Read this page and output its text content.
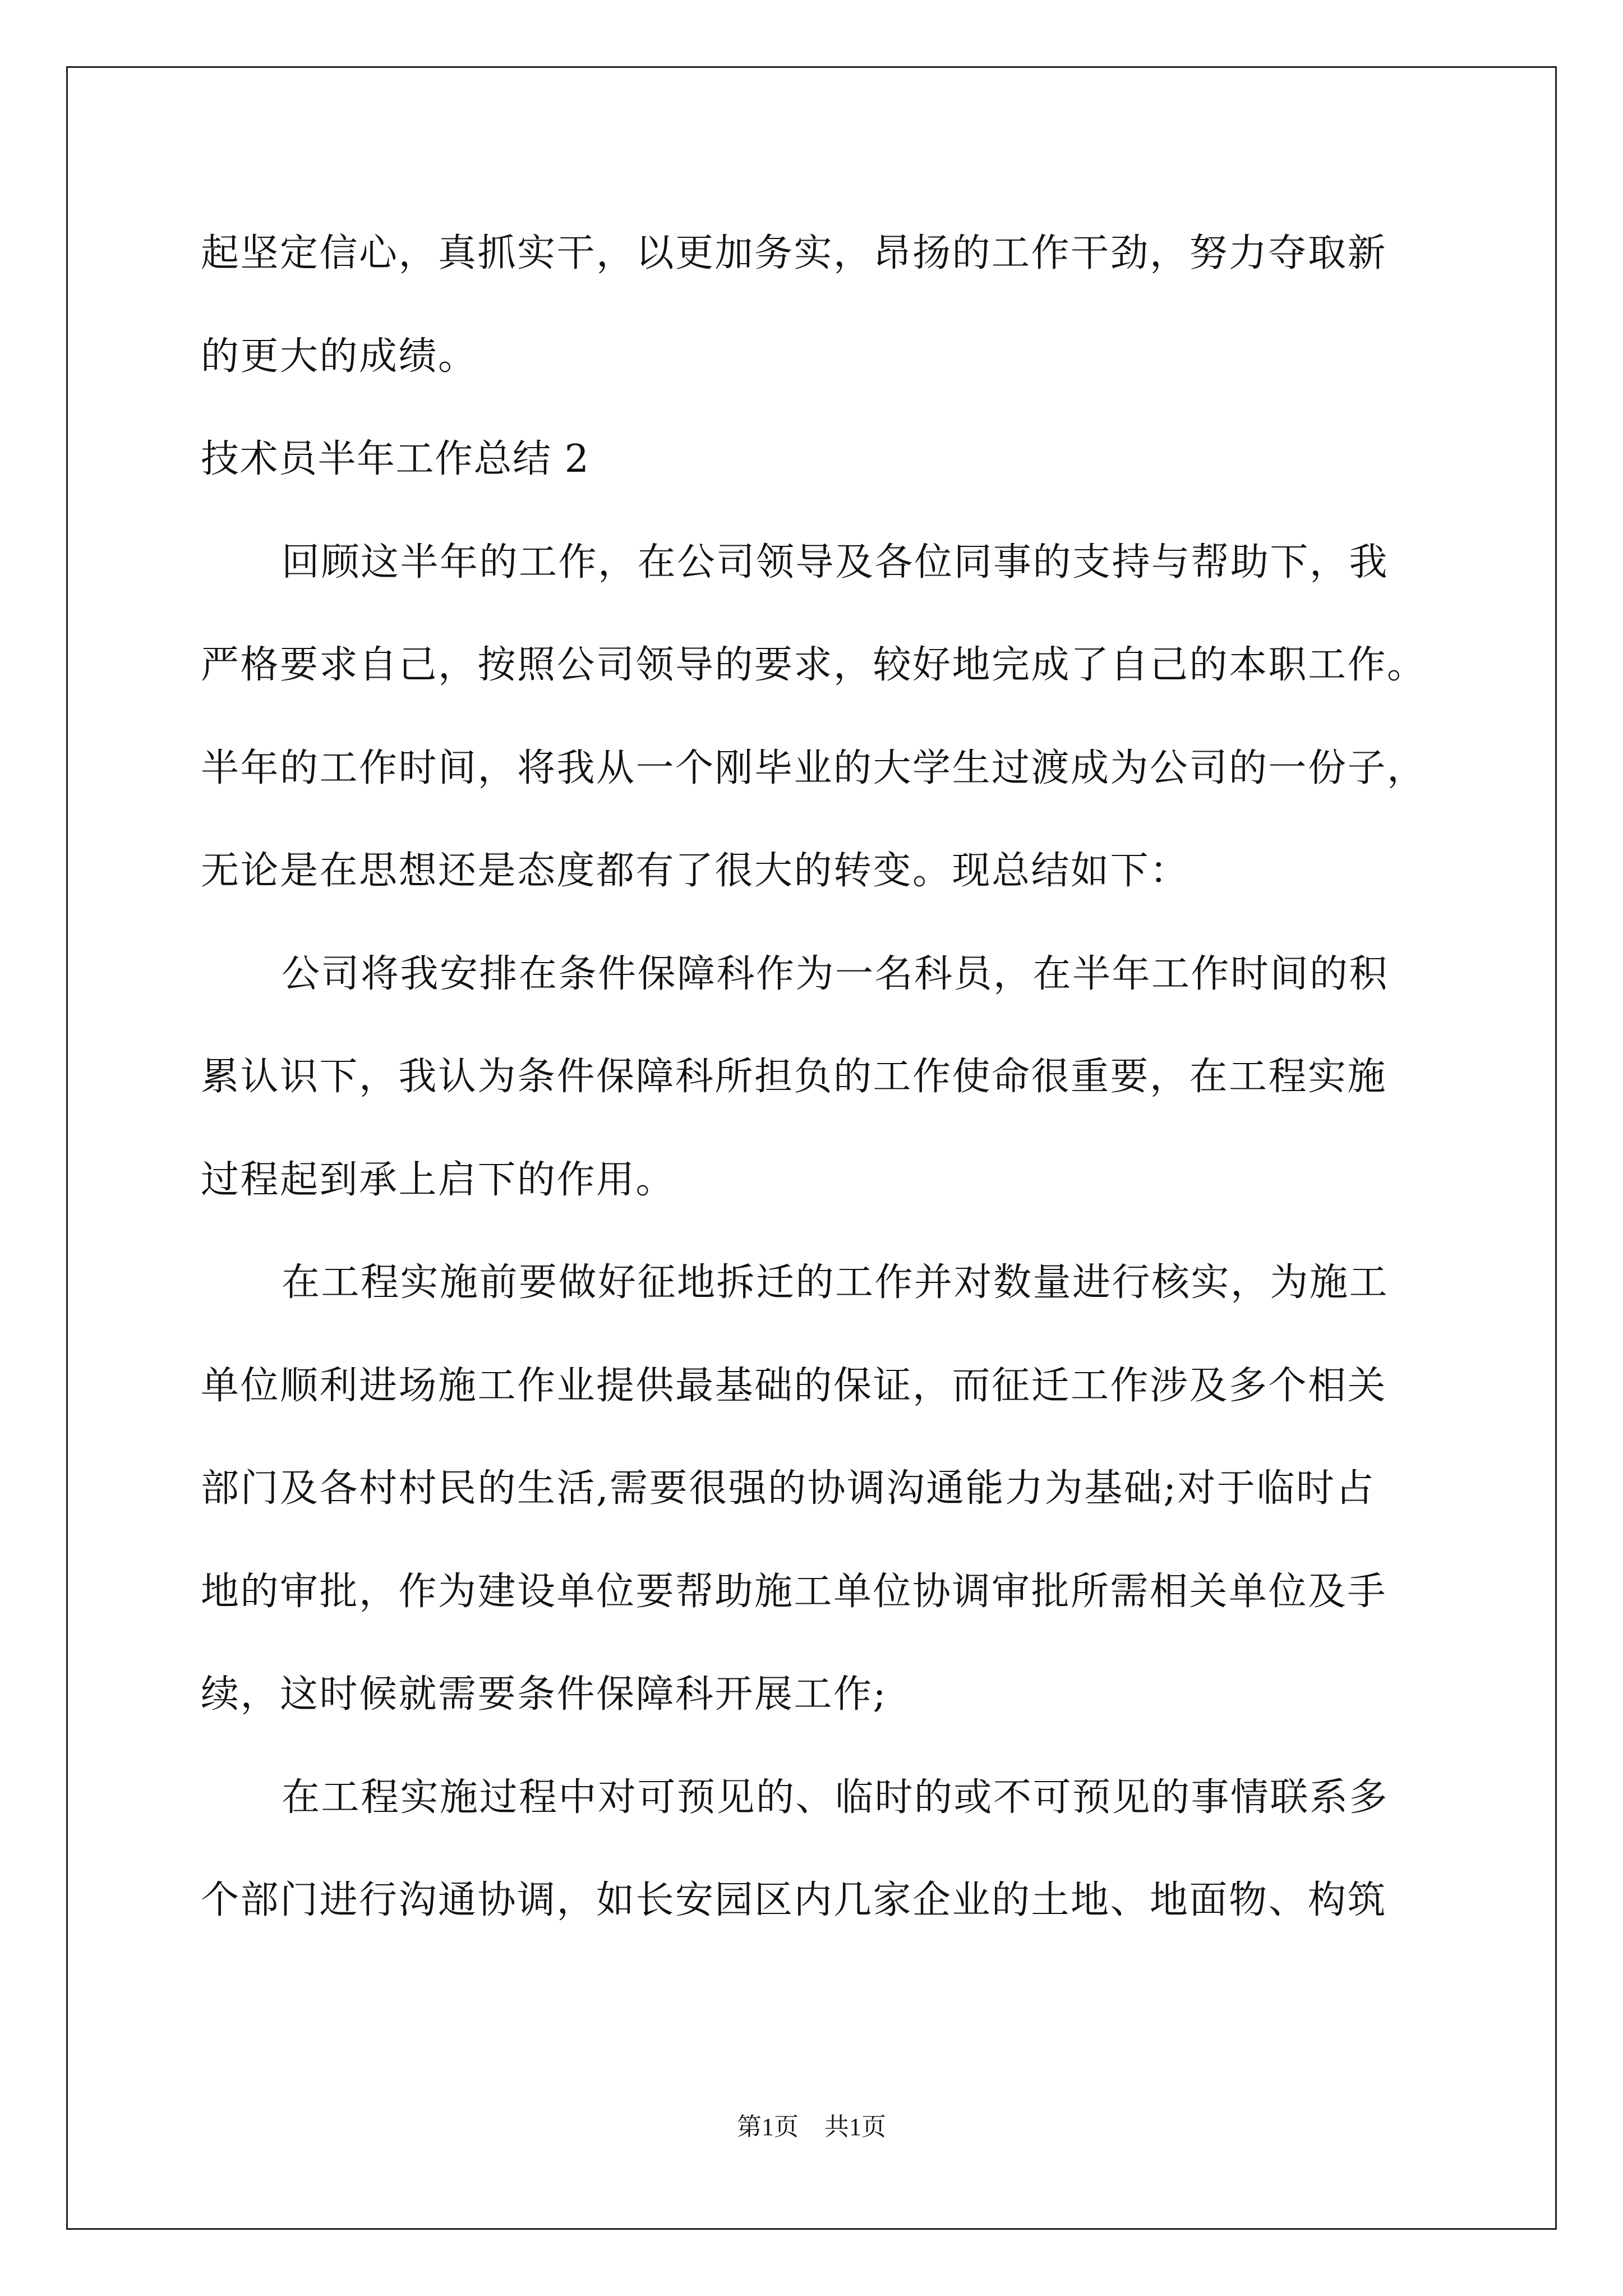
起坚定信心，真抓实干，以更加务实，昂扬的工作干劲，努力夺取新
的更大的成绩。
技术员半年工作总结 2
回顾这半年的工作，在公司领导及各位同事的支持与帮助下，我
严格要求自己，按照公司领导的要求，较好地完成了自己的本职工作。
半年的工作时间，将我从一个刚毕业的大学生过渡成为公司的一份子，
无论是在思想还是态度都有了很大的转变。现总结如下：
公司将我安排在条件保障科作为一名科员，在半年工作时间的积
累认识下，我认为条件保障科所担负的工作使命很重要，在工程实施
过程起到承上启下的作用。
在工程实施前要做好征地拆迁的工作并对数量进行核实，为施工
单位顺利进场施工作业提供最基础的保证，而征迁工作涉及多个相关
部门及各村村民的生活,需要很强的协调沟通能力为基础;对于临时占
地的审批，作为建设单位要帮助施工单位协调审批所需相关单位及手
续，这时候就需要条件保障科开展工作;
在工程实施过程中对可预见的、临时的或不可预见的事情联系多
个部门进行沟通协调，如长安园区内几家企业的土地、地面物、构筑
第1页 共1页
